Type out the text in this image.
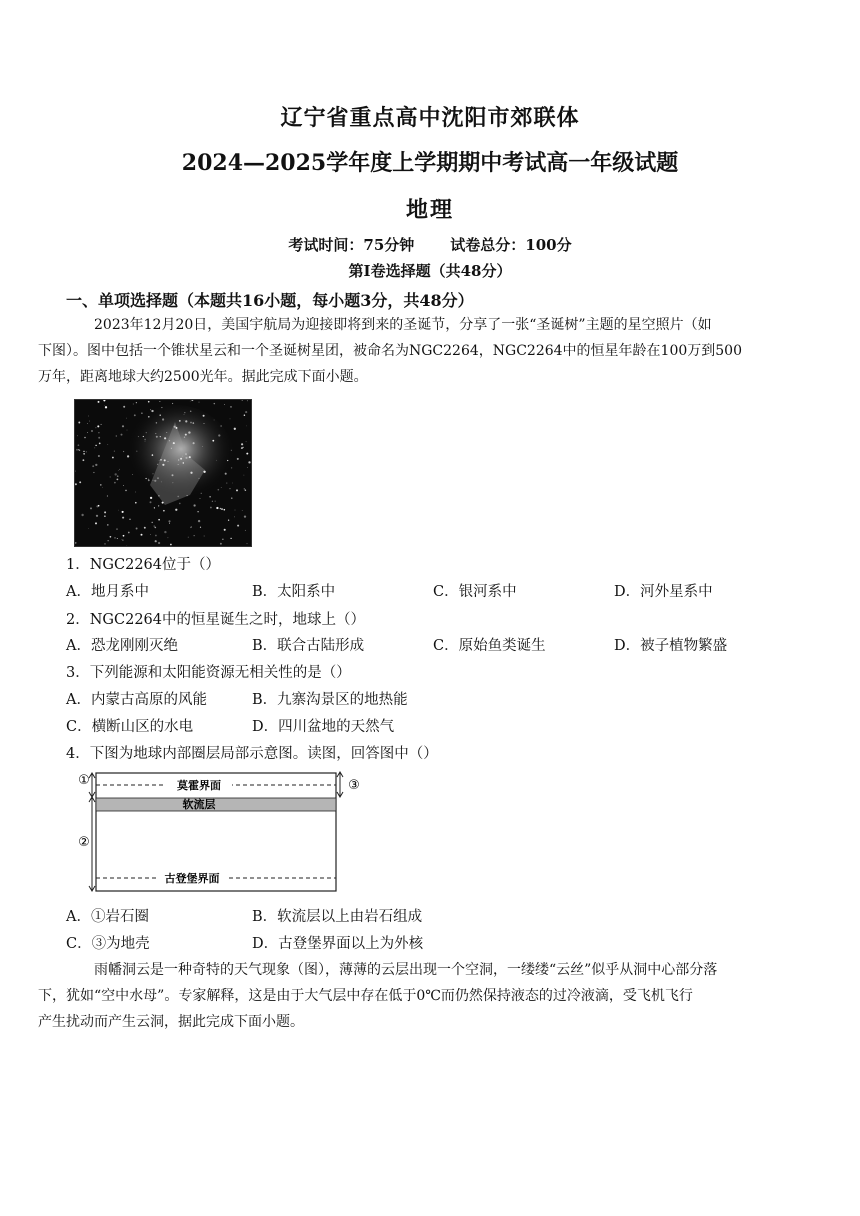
辽宁省重点高中沈阳市郊联体
2024—2025学年度上学期期中考试高一年级试题
地理
考试时间：75分钟 试卷总分：100分
第Ⅰ卷选择题（共48分）
一、单项选择题（本题共16小题，每小题3分，共48分）
2023年12月20日，美国宇航局为迎接即将到来的圣诞节，分享了一张“圣诞树”主题的星空照片（如
下图）。图中包括一个锥状星云和一个圣诞树星团，被命名为NGC2264，NGC2264中的恒星年龄在100万到500
万年，距离地球大约2500光年。据此完成下面小题。
1．NGC2264位于（）
A．地月系中	B．太阳系中	C．银河系中	D．河外星系中
2．NGC2264中的恒星诞生之时，地球上（）
A．恐龙刚刚灭绝	B．联合古陆形成	C．原始鱼类诞生	D．被子植物繁盛
3．下列能源和太阳能资源无相关性的是（）
A．内蒙古高原的风能	B．九寨沟景区的地热能
C．横断山区的水电	D．四川盆地的天然气
4．下图为地球内部圈层局部示意图。读图，回答图中（）
①
②
③
莫霍界面
软流层
古登堡界面
A．①岩石圈	B．软流层以上由岩石组成
C．③为地壳	D．古登堡界面以上为外核
雨幡洞云是一种奇特的天气现象（图），薄薄的云层出现一个空洞，一缕缕“云丝”似乎从洞中心部分落
下，犹如“空中水母”。专家解释，这是由于大气层中存在低于0℃而仍然保持液态的过冷液滴，受飞机飞行
产生扰动而产生云洞，据此完成下面小题。
